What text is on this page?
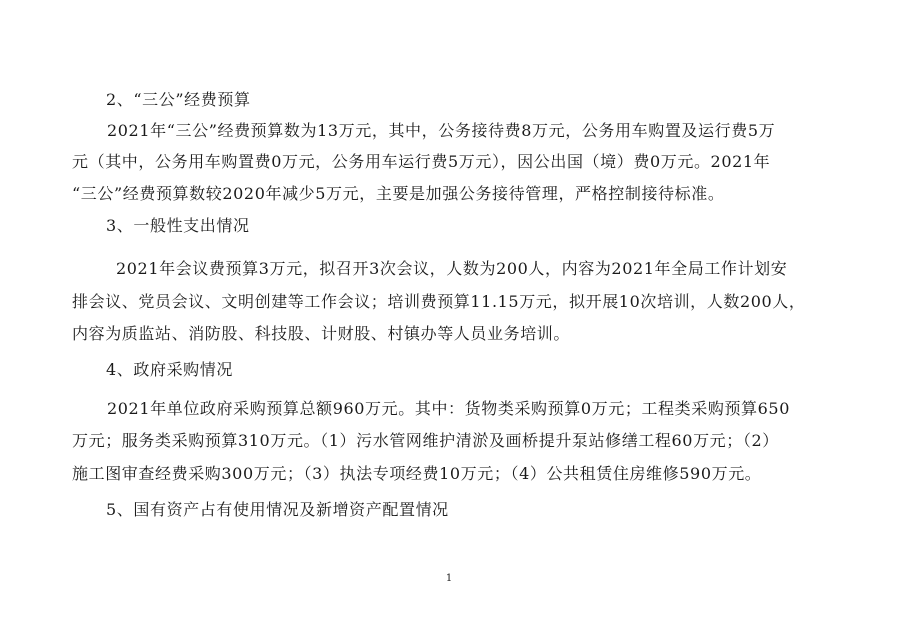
2、“三公”经费预算
2021年“三公”经费预算数为13万元，其中，公务接待费8万元，公务用车购置及运行费5万
元（其中，公务用车购置费0万元，公务用车运行费5万元），因公出国（境）费0万元。2021年
“三公”经费预算数较2020年减少5万元，主要是加强公务接待管理，严格控制接待标准。
3、一般性支出情况
2021年会议费预算3万元，拟召开3次会议，人数为200人，内容为2021年全局工作计划安
排会议、党员会议、文明创建等工作会议；培训费预算11.15万元，拟开展10次培训，人数200人，
内容为质监站、消防股、科技股、计财股、村镇办等人员业务培训。
4、政府采购情况
2021年单位政府采购预算总额960万元。其中：货物类采购预算0万元；工程类采购预算650
万元；服务类采购预算310万元。（1）污水管网维护清淤及画桥提升泵站修缮工程60万元；（2）
施工图审查经费采购300万元；（3）执法专项经费10万元；（4）公共租赁住房维修590万元。
5、国有资产占有使用情况及新增资产配置情况
1
